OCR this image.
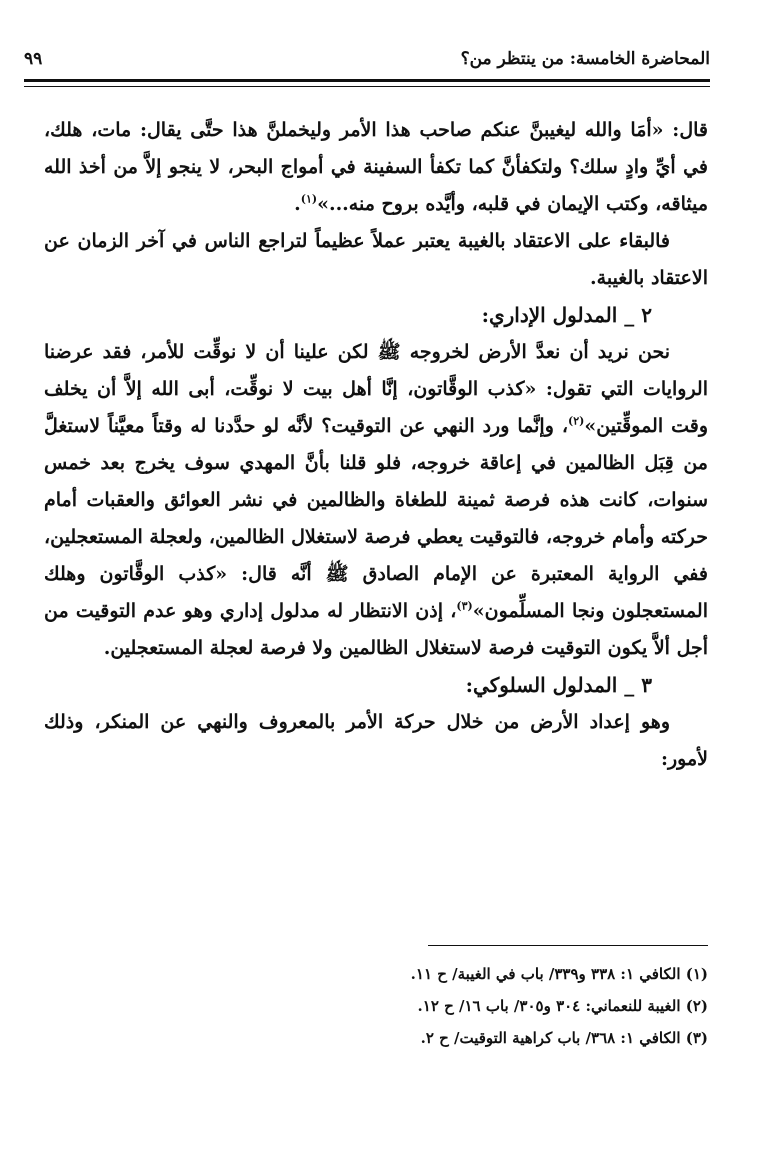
٩٩	المحاضرة الخامسة: من ينتظر من؟

قال: «أمَا والله ليغيبنَّ عنكم صاحب هذا الأمر وليخملنَّ هذا حتَّى يقال: مات، هلك، في أيِّ وادٍ سلك؟ ولتكفأنَّ كما تكفأ السفينة في أمواج البحر، لا ينجو إلاَّ من أخذ الله ميثاقه، وكتب الإيمان في قلبه، وأيَّده بروح منه...»$^{(١)}$.

فالبقاء على الاعتقاد بالغيبة يعتبر عملاً عظيماً لتراجع الناس في آخر الزمان عن الاعتقاد بالغيبة.

٢ _ المدلول الإداري:

نحن نريد أن نعدَّ الأرض لخروجه ﷺ لكن علينا أن لا نوقِّت للأمر، فقد عرضنا الروايات التي تقول: «كذب الوقَّاتون، إنَّا أهل بيت لا نوقِّت، أبى الله إلاَّ أن يخلف وقت الموقِّتين»$^{(٢)}$، وإنَّما ورد النهي عن التوقيت؟ لأنَّه لو حدَّدنا له وقتاً معيَّناً لاستغلَّ من قِبَل الظالمين في إعاقة خروجه، فلو قلنا بأنَّ المهدي سوف يخرج بعد خمس سنوات، كانت هذه فرصة ثمينة للطغاة والظالمين في نشر العوائق والعقبات أمام حركته وأمام خروجه، فالتوقيت يعطي فرصة لاستغلال الظالمين، ولعجلة المستعجلين، ففي الرواية المعتبرة عن الإمام الصادق ﷺ أنَّه قال: «كذب الوقَّاتون وهلك المستعجلون ونجا المسلِّمون»$^{(٣)}$، إذن الانتظار له مدلول إداري وهو عدم التوقيت من أجل ألاَّ يكون التوقيت فرصة لاستغلال الظالمين ولا فرصة لعجلة المستعجلين.

٣ _ المدلول السلوكي:

وهو إعداد الأرض من خلال حركة الأمر بالمعروف والنهي عن المنكر، وذلك لأمور:

(١) الكافي ١: ٣٣٨ و٣٣٩/ باب في الغيبة/ ح ١١.

(٢) الغيبة للنعماني: ٣٠٤ و٣٠٥/ باب ١٦/ ح ١٢.

(٣) الكافي ١: ٣٦٨/ باب كراهية التوقيت/ ح ٢.
